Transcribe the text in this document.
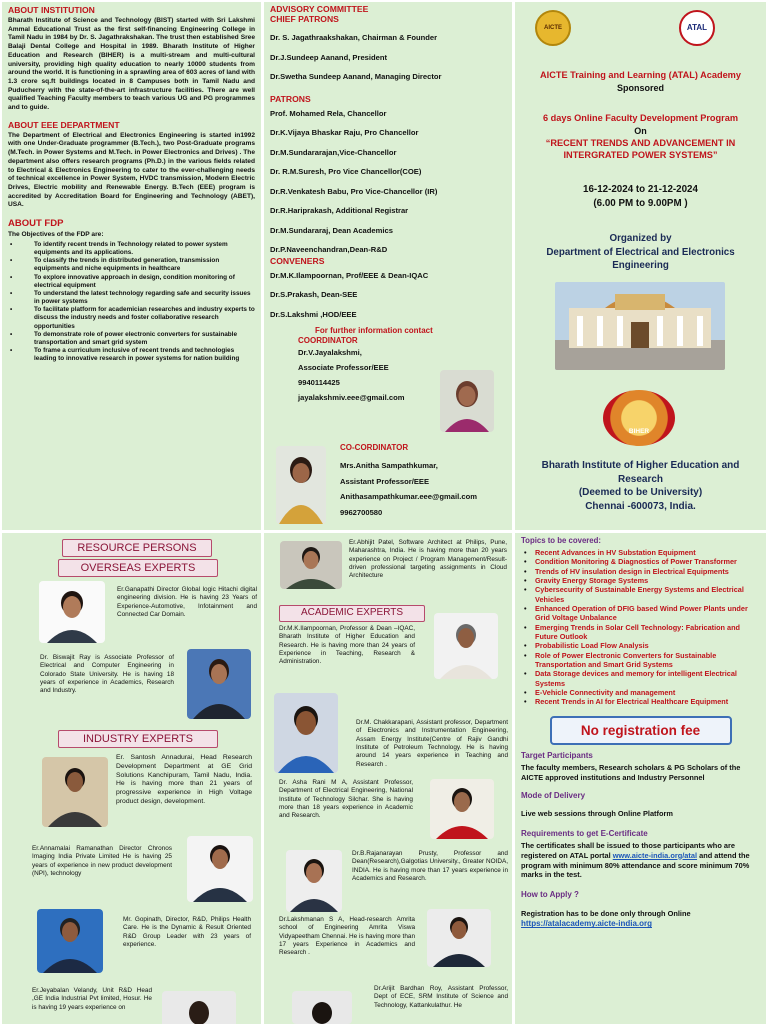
ABOUT INSTITUTION
Bharath Institute of Science and Technology (BIST) started with Sri Lakshmi Ammal Educational Trust as the first self-financing Engineering College in Tamil Nadu in 1984 by Dr. S. Jagathrakshakan. The trust then established Sree Balaji Dental College and Hospital in 1989. Bharath Institute of Higher Education and Research (BIHER) is a multi-stream and multi-cultural university, providing high quality education to nearly 10000 students from around the world. It is functioning in a sprawling area of 603 acres of land with 1.3 crore sq.ft buildings located in 8 Campuses both in Tamil Nadu and Puducherry with the state-of-the-art infrastructure facilities. There are well qualified Teaching Faculty members to teach various UG and PG programmes and to guide.
ABOUT EEE DEPARTMENT
The Department of Electrical and Electronics Engineering is started in1992 with one Under-Graduate programmer (B.Tech.), two Post-Graduate programs (M.Tech. in Power Systems and M.Tech. in Power Electronics and Drives) . The department also offers research programs (Ph.D.) in the various fields related to Electrical & Electronics Engineering to cater to the ever-challenging needs of technical excellence in Power System, HVDC transmission, Modern Electric Drives, Electric mobility and Renewable Energy. B.Tech (EEE) program is accredited by Accreditation Board for Engineering and Technology (ABET), USA.
ABOUT FDP
The Objectives of the FDP are:
• To identify recent trends in Technology related to power system equipments and its applications.
• To classify the trends in distributed generation, transmission equipments and niche equipments in healthcare
• To explore innovative approach in design, condition monitoring of electrical equipment
• To understand the latest technology regarding safe and security issues in power systems
• To facilitate platform for academician researches and industry experts to discuss the industry needs and foster collaborative research opportunities
• To demonstrate role of power electronic converters for sustainable transportation and smart grid system
• To frame a curriculum inclusive of recent trends and technologies leading to innovative research in power systems for nation building
ADVISORY COMMITTEE
CHIEF PATRONS
Dr. S. Jagathraakshakan, Chairman & Founder
Dr.J.Sundeep Aanand, President
Dr.Swetha Sundeep Aanand, Managing Director
PATRONS
Prof. Mohamed Rela, Chancellor
Dr.K.Vijaya Bhaskar Raju, Pro Chancellor
Dr.M.Sundararajan,Vice-Chancellor
Dr. R.M.Suresh, Pro Vice Chancellor(COE)
Dr.R.Venkatesh Babu, Pro Vice-Chancellor (IR)
Dr.R.Hariprakash, Additional Registrar
Dr.M.Sundararaj, Dean Academics
Dr.P.Naveenchandran,Dean-R&D
CONVENERS
Dr.M.K.Ilampoornan, Prof/EEE & Dean-IQAC
Dr.S.Prakash, Dean-SEE
Dr.S.Lakshmi ,HOD/EEE
For further information contact
COORDINATOR
Dr.V.Jayalakshmi,
Associate Professor/EEE
9940114425
jayalakshmiv.eee@gmail.com
CO-CORDINATOR
Mrs.Anitha Sampathkumar,
Assistant Professor/EEE
Anithasampathkumar.eee@gmail.com
9962700580
AICTE	ATAL
AICTE Training and Learning (ATAL) Academy
Sponsored
6 days Online Faculty Development Program
On
“RECENT TRENDS AND ADVANCEMENT IN INTERGRATED POWER SYSTEMS”
16-12-2024 to 21-12-2024
(6.00 PM to 9.00PM )
Organized by
Department of Electrical and Electronics Engineering
BIHER
Bharath Institute of Higher Education and Research
(Deemed to be University)
Chennai -600073, India.
RESOURCE PERSONS
OVERSEAS EXPERTS
Er.Ganapathi Director Global logic Hitachi digital engineering division. He is having 23 Years of Experience-Automotive, Infotainment and Connected Car Domain.
Dr. Biswajit Ray is Associate Professor of Electrical and Computer Engineering in Colorado State University. He is having 18 years of experience in Academics, Research and Industry.
INDUSTRY EXPERTS
Er. Santosh Annadurai, Head Research Development Department at GE Grid Solutions Kanchipuram, Tamil Nadu, India. He is having more than 21 years of progressive experience in High Voltage product design, development.
Er.Annamalai Ramanathan Director Chronos Imaging India Private Limited He is having 25 years of experience in new product development (NPI), technology
Mr. Gopinath, Director, R&D, Philips Health Care. He is the Dynamic & Result Oriented R&D Group Leader with 23 years of experience.
Er.Jeyabalan Velandy, Unit R&D Head ,GE India Industrial Pvt limited, Hosur. He is having 19 years experience on
Er.Abhijit Patel, Software Architect at Philips, Pune, Maharashtra, India. He is having more than 20 years experience on Project / Program Management/Result-driven professional targeting assignments in Cloud Architecture
ACADEMIC EXPERTS
Dr.M.K.Ilampoornan, Professor & Dean –IQAC, Bharath Institute of Higher Education and Research. He is having more than 24 years of Experience in Teaching, Research & Administration.
Dr.M. Chakkarapani, Assistant professor, Department of Electronics and Instrumentation Engineering, Assam Energy Institute(Centre of Rajiv Gandhi Institute of Petroleum Technology. He is having around 14 years experience in Teaching and Research .
Dr. Asha Rani M A, Assistant Professor, Department of Electrical Engineering, National Institute of Technology Silchar. She is having more than 18 years experience in Academic and Research.
Dr.B.Rajanarayan Prusty, Professor and Dean(Research),Galgotias University., Greater NOIDA, INDIA. He is having more than 17 years experience in Academics and Research.
Dr.Lakshmanan S A, Head-research Amrita school of Engineering Amrita Viswa Vidyapeetham Chennai. He is having more than 17 years Experience in Academics and Research .
Dr.Arijit Bardhan Roy, Assistant Professor, Dept of ECE, SRM Institute of Science and Technology, Kattankulathur. He
Topics to be covered:
• Recent Advances in HV Substation Equipment
• Condition Monitoring & Diagnostics of Power Transformer
• Trends of HV insulation design in Electrical Equipments
• Gravity Energy Storage Systems
• Cybersecurity of Sustainable Energy Systems and Electrical Vehicles
• Enhanced Operation of DFIG based Wind Power Plants under Grid Voltage Unbalance
• Emerging Trends in Solar Cell Technology: Fabrication and Future Outlook
• Probabilistic Load Flow Analysis
• Role of Power Electronic Converters for Sustainable Transportation and Smart Grid Systems
• Data Storage devices and memory for intelligent Electrical Systems
• E-Vehicle Connectivity and management
• Recent Trends in AI for Electrical Healthcare Equipment
No registration fee
Target Participants
The faculty members, Research scholars & PG Scholars of the AICTE approved institutions and Industry Personnel
Mode of Delivery
Live web sessions through Online Platform
Requirements to get E-Certificate
The certificates shall be issued to those participants who are registered on ATAL portal www.aicte-india.org/atal and attend the program with minimum 80% attendance and score minimum 70% marks in the test.
How to Apply ?
Registration has to be done only through Online
https://atalacademy.aicte-india.org
